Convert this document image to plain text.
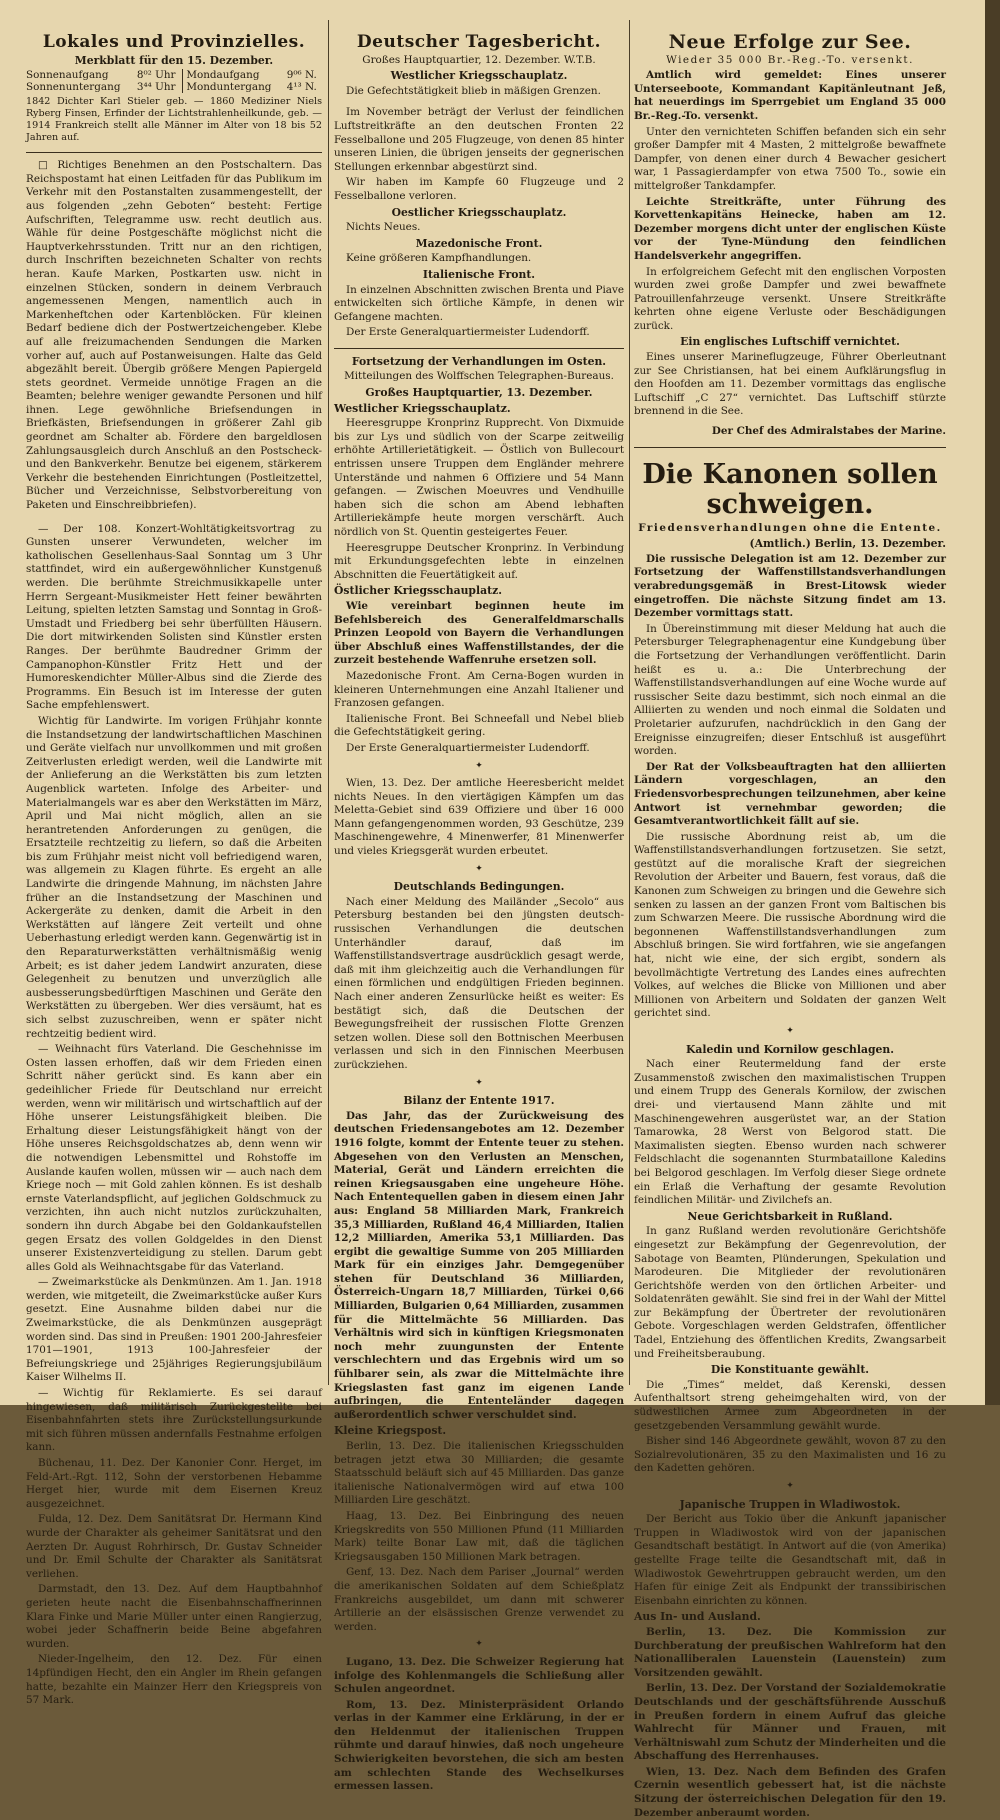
Lokales und Provinzielles.
Merkblatt für den 15. Dezember.
Sonnenaufgang	8⁰² Uhr	Mondaufgang	9⁰⁶ N.
Sonnenuntergang	3⁴⁴ Uhr	Monduntergang	4¹³ N.

1842 Dichter Karl Stieler geb. — 1860 Mediziner Niels Ryberg Finsen, Erfinder der Lichtstrahlenheilkunde, geb. — 1914 Frankreich stellt alle Männer im Alter von 18 bis 52 Jahren auf.

□ Richtiges Benehmen an den Postschaltern. Das Reichspostamt hat einen Leitfaden für das Publikum im Verkehr mit den Postanstalten zusammengestellt, der aus folgenden „zehn Geboten“ besteht: Fertige Aufschriften, Telegramme usw. recht deutlich aus. Wähle für deine Postgeschäfte möglichst nicht die Hauptverkehrsstunden. Tritt nur an den richtigen, durch Inschriften bezeichneten Schalter von rechts heran. Kaufe Marken, Postkarten usw. nicht in einzelnen Stücken, sondern in deinem Verbrauch angemessenen Mengen, namentlich auch in Markenheftchen oder Kartenblöcken. Für kleinen Bedarf bediene dich der Postwertzeichengeber. Klebe auf alle freizumachenden Sendungen die Marken vorher auf, auch auf Postanweisungen. Halte das Geld abgezählt bereit. Übergib größere Mengen Papiergeld stets geordnet. Vermeide unnötige Fragen an die Beamten; belehre weniger gewandte Personen und hilf ihnen. Lege gewöhnliche Briefsendungen in Briefkästen, Briefsendungen in größerer Zahl gib geordnet am Schalter ab. Fördere den bargeldlosen Zahlungsausgleich durch Anschluß an den Postscheck- und den Bankverkehr. Benutze bei eigenem, stärkerem Verkehr die bestehenden Einrichtungen (Postleitzettel, Bücher und Verzeichnisse, Selbstvorbereitung von Paketen und Einschreibbriefen).

— Der 108. Konzert-Wohltätigkeitsvortrag zu Gunsten unserer Verwundeten, welcher im katholischen Gesellenhaus-Saal Sonntag um 3 Uhr stattfindet, wird ein außergewöhnlicher Kunstgenuß werden. Die berühmte Streichmusikkapelle unter Herrn Sergeant-Musikmeister Hett feiner bewährten Leitung, spielten letzten Samstag und Sonntag in Groß-Umstadt und Friedberg bei sehr überfüllten Häusern. Die dort mitwirkenden Solisten sind Künstler ersten Ranges. Der berühmte Baudredner Grimm der Campanophon-Künstler Fritz Hett und der Humoreskendichter Müller-Albus sind die Zierde des Programms. Ein Besuch ist im Interesse der guten Sache empfehlenswert.

Wichtig für Landwirte. Im vorigen Frühjahr konnte die Instandsetzung der landwirtschaftlichen Maschinen und Geräte vielfach nur unvollkommen und mit großen Zeitverlusten erledigt werden, weil die Landwirte mit der Anlieferung an die Werkstätten bis zum letzten Augenblick warteten. Infolge des Arbeiter- und Materialmangels war es aber den Werkstätten im März, April und Mai nicht möglich, allen an sie herantretenden Anforderungen zu genügen, die Ersatzteile rechtzeitig zu liefern, so daß die Arbeiten bis zum Frühjahr meist nicht voll befriedigend waren, was allgemein zu Klagen führte. Es ergeht an alle Landwirte die dringende Mahnung, im nächsten Jahre früher an die Instandsetzung der Maschinen und Ackergeräte zu denken, damit die Arbeit in den Werkstätten auf längere Zeit verteilt und ohne Ueberhastung erledigt werden kann. Gegenwärtig ist in den Reparaturwerkstätten verhältnismäßig wenig Arbeit; es ist daher jedem Landwirt anzuraten, diese Gelegenheit zu benutzen und unverzüglich alle ausbesserungsbedürftigen Maschinen und Geräte den Werkstätten zu übergeben. Wer dies versäumt, hat es sich selbst zuzuschreiben, wenn er später nicht rechtzeitig bedient wird.

— Weihnacht fürs Vaterland. Die Geschehnisse im Osten lassen erhoffen, daß wir dem Frieden einen Schritt näher gerückt sind. Es kann aber ein gedeihlicher Friede für Deutschland nur erreicht werden, wenn wir militärisch und wirtschaftlich auf der Höhe unserer Leistungsfähigkeit bleiben. Die Erhaltung dieser Leistungsfähigkeit hängt von der Höhe unseres Reichsgoldschatzes ab, denn wenn wir die notwendigen Lebensmittel und Rohstoffe im Auslande kaufen wollen, müssen wir — auch nach dem Kriege noch — mit Gold zahlen können. Es ist deshalb ernste Vaterlandspflicht, auf jeglichen Goldschmuck zu verzichten, ihn auch nicht nutzlos zurückzuhalten, sondern ihn durch Abgabe bei den Goldankaufstellen gegen Ersatz des vollen Goldgeldes in den Dienst unserer Existenzverteidigung zu stellen. Darum gebt alles Gold als Weihnachtsgabe für das Vaterland.

— Zweimarkstücke als Denkmünzen. Am 1. Jan. 1918 werden, wie mitgeteilt, die Zweimarkstücke außer Kurs gesetzt. Eine Ausnahme bilden dabei nur die Zweimarkstücke, die als Denkmünzen ausgeprägt worden sind. Das sind in Preußen: 1901 200-Jahresfeier 1701—1901, 1913 100-Jahresfeier der Befreiungskriege und 25jähriges Regierungsjubiläum Kaiser Wilhelms II.

— Wichtig für Reklamierte. Es sei darauf hingewiesen, daß militärisch Zurückgestellte bei Eisenbahnfahrten stets ihre Zurückstellungsurkunde mit sich führen müssen andernfalls Festnahme erfolgen kann.

Büchenau, 11. Dez. Der Kanonier Conr. Herget, im Feld-Art.-Rgt. 112, Sohn der verstorbenen Hebamme Herget hier, wurde mit dem Eisernen Kreuz ausgezeichnet.

Fulda, 12. Dez. Dem Sanitätsrat Dr. Hermann Kind wurde der Charakter als geheimer Sanitätsrat und den Aerzten Dr. August Rohrhirsch, Dr. Gustav Schneider und Dr. Emil Schulte der Charakter als Sanitätsrat verliehen.

Darmstadt, den 13. Dez. Auf dem Hauptbahnhof gerieten heute nacht die Eisenbahnschaffnerinnen Klara Finke und Marie Müller unter einen Rangierzug, wobei jeder Schaffnerin beide Beine abgefahren wurden.

Nieder-Ingelheim, den 12. Dez. Für einen 14pfündigen Hecht, den ein Angler im Rhein gefangen hatte, bezahlte ein Mainzer Herr den Kriegspreis von 57 Mark.

Deutscher Tagesbericht.
Großes Hauptquartier, 12. Dezember. W.T.B.
Westlicher Kriegsschauplatz.

Die Gefechtstätigkeit blieb in mäßigen Grenzen.

Im November beträgt der Verlust der feindlichen Luftstreitkräfte an den deutschen Fronten 22 Fesselballone und 205 Flugzeuge, von denen 85 hinter unseren Linien, die übrigen jenseits der gegnerischen Stellungen erkennbar abgestürzt sind.

Wir haben im Kampfe 60 Flugzeuge und 2 Fesselballone verloren.

Oestlicher Kriegsschauplatz.

Nichts Neues.

Mazedonische Front.

Keine größeren Kampfhandlungen.

Italienische Front.

In einzelnen Abschnitten zwischen Brenta und Piave entwickelten sich örtliche Kämpfe, in denen wir Gefangene machten.

Der Erste Generalquartiermeister Ludendorff.

Fortsetzung der Verhandlungen im Osten.
Mitteilungen des Wolffschen Telegraphen-Bureaus.
Großes Hauptquartier, 13. Dezember.
Westlicher Kriegsschauplatz.

Heeresgruppe Kronprinz Rupprecht. Von Dixmuide bis zur Lys und südlich von der Scarpe zeitweilig erhöhte Artillerietätigkeit. — Östlich von Bullecourt entrissen unsere Truppen dem Engländer mehrere Unterstände und nahmen 6 Offiziere und 54 Mann gefangen. — Zwischen Moeuvres und Vendhuille haben sich die schon am Abend lebhaften Artilleriekämpfe heute morgen verschärft. Auch nördlich von St. Quentin gesteigertes Feuer.

Heeresgruppe Deutscher Kronprinz. In Verbindung mit Erkundungsgefechten lebte in einzelnen Abschnitten die Feuertätigkeit auf.

Östlicher Kriegsschauplatz.

Wie vereinbart beginnen heute im Befehlsbereich des Generalfeldmarschalls Prinzen Leopold von Bayern die Verhandlungen über Abschluß eines Waffenstillstandes, der die zurzeit bestehende Waffenruhe ersetzen soll.

Mazedonische Front. Am Cerna-Bogen wurden in kleineren Unternehmungen eine Anzahl Italiener und Franzosen gefangen.

Italienische Front. Bei Schneefall und Nebel blieb die Gefechtstätigkeit gering.

Der Erste Generalquartiermeister Ludendorff.

✦

Wien, 13. Dez. Der amtliche Heeresbericht meldet nichts Neues. In den viertägigen Kämpfen um das Meletta-Gebiet sind 639 Offiziere und über 16 000 Mann gefangengenommen worden, 93 Geschütze, 239 Maschinengewehre, 4 Minenwerfer, 81 Minenwerfer und vieles Kriegsgerät wurden erbeutet.

✦
Deutschlands Bedingungen.

Nach einer Meldung des Mailänder „Secolo“ aus Petersburg bestanden bei den jüngsten deutsch-russischen Verhandlungen die deutschen Unterhändler darauf, daß im Waffenstillstandsvertrage ausdrücklich gesagt werde, daß mit ihm gleichzeitig auch die Verhandlungen für einen förmlichen und endgültigen Frieden beginnen. Nach einer anderen Zensurlücke heißt es weiter: Es bestätigt sich, daß die Deutschen der Bewegungsfreiheit der russischen Flotte Grenzen setzen wollen. Diese soll den Bottnischen Meerbusen verlassen und sich in den Finnischen Meerbusen zurückziehen.

✦
Bilanz der Entente 1917.

Das Jahr, das der Zurückweisung des deutschen Friedensangebotes am 12. Dezember 1916 folgte, kommt der Entente teuer zu stehen. Abgesehen von den Verlusten an Menschen, Material, Gerät und Ländern erreichten die reinen Kriegsausgaben eine ungeheure Höhe. Nach Ententequellen gaben in diesem einen Jahr aus: England 58 Milliarden Mark, Frankreich 35,3 Milliarden, Rußland 46,4 Milliarden, Italien 12,2 Milliarden, Amerika 53,1 Milliarden. Das ergibt die gewaltige Summe von 205 Milliarden Mark für ein einziges Jahr. Demgegenüber stehen für Deutschland 36 Milliarden, Österreich-Ungarn 18,7 Milliarden, Türkei 0,66 Milliarden, Bulgarien 0,64 Milliarden, zusammen für die Mittelmächte 56 Milliarden. Das Verhältnis wird sich in künftigen Kriegsmonaten noch mehr zuungunsten der Entente verschlechtern und das Ergebnis wird um so fühlbarer sein, als zwar die Mittelmächte ihre Kriegslasten fast ganz im eigenen Lande aufbringen, die Ententeländer dagegen außerordentlich schwer verschuldet sind.

Kleine Kriegspost.

Berlin, 13. Dez. Die italienischen Kriegsschulden betragen jetzt etwa 30 Milliarden; die gesamte Staatsschuld beläuft sich auf 45 Milliarden. Das ganze italienische Nationalvermögen wird auf etwa 100 Milliarden Lire geschätzt.

Haag, 13. Dez. Bei Einbringung des neuen Kriegskredits von 550 Millionen Pfund (11 Milliarden Mark) teilte Bonar Law mit, daß die täglichen Kriegsausgaben 150 Millionen Mark betragen.

Genf, 13. Dez. Nach dem Pariser „Journal“ werden die amerikanischen Soldaten auf dem Schießplatz Frankreichs ausgebildet, um dann mit schwerer Artillerie an der elsässischen Grenze verwendet zu werden.

✦

Lugano, 13. Dez. Die Schweizer Regierung hat infolge des Kohlenmangels die Schließung aller Schulen angeordnet.

Rom, 13. Dez. Ministerpräsident Orlando verlas in der Kammer eine Erklärung, in der er den Heldenmut der italienischen Truppen rühmte und darauf hinwies, daß noch ungeheure Schwierigkeiten bevorstehen, die sich am besten am schlechten Stande des Wechselkurses ermessen lassen.

Neue Erfolge zur See.
Wieder 35 000 Br.-Reg.-To. versenkt.

Amtlich wird gemeldet: Eines unserer Unterseeboote, Kommandant Kapitänleutnant Jeß, hat neuerdings im Sperrgebiet um England 35 000 Br.-Reg.-To. versenkt.

Unter den vernichteten Schiffen befanden sich ein sehr großer Dampfer mit 4 Masten, 2 mittelgroße bewaffnete Dampfer, von denen einer durch 4 Bewacher gesichert war, 1 Passagierdampfer von etwa 7500 To., sowie ein mittelgroßer Tankdampfer.

Leichte Streitkräfte, unter Führung des Korvettenkapitäns Heinecke, haben am 12. Dezember morgens dicht unter der englischen Küste vor der Tyne-Mündung den feindlichen Handelsverkehr angegriffen.

In erfolgreichem Gefecht mit den englischen Vorposten wurden zwei große Dampfer und zwei bewaffnete Patrouillenfahrzeuge versenkt. Unsere Streitkräfte kehrten ohne eigene Verluste oder Beschädigungen zurück.

Ein englisches Luftschiff vernichtet.

Eines unserer Marineflugzeuge, Führer Oberleutnant zur See Christiansen, hat bei einem Aufklärungsflug in den Hoofden am 11. Dezember vormittags das englische Luftschiff „C 27“ vernichtet. Das Luftschiff stürzte brennend in die See.

Der Chef des Admiralstabes der Marine.
Die Kanonen sollen schweigen.
Friedensverhandlungen ohne die Entente.
(Amtlich.) Berlin, 13. Dezember.

Die russische Delegation ist am 12. Dezember zur Fortsetzung der Waffenstillstandsverhandlungen verabredungsgemäß in Brest-Litowsk wieder eingetroffen. Die nächste Sitzung findet am 13. Dezember vormittags statt.

In Übereinstimmung mit dieser Meldung hat auch die Petersburger Telegraphenagentur eine Kundgebung über die Fortsetzung der Verhandlungen veröffentlicht. Darin heißt es u. a.: Die Unterbrechung der Waffenstillstandsverhandlungen auf eine Woche wurde auf russischer Seite dazu bestimmt, sich noch einmal an die Alliierten zu wenden und noch einmal die Soldaten und Proletarier aufzurufen, nachdrücklich in den Gang der Ereignisse einzugreifen; dieser Entschluß ist ausgeführt worden.

Der Rat der Volksbeauftragten hat den alliierten Ländern vorgeschlagen, an den Friedensvorbesprechungen teilzunehmen, aber keine Antwort ist vernehmbar geworden; die Gesamtverantwortlichkeit fällt auf sie.

Die russische Abordnung reist ab, um die Waffenstillstandsverhandlungen fortzusetzen. Sie setzt, gestützt auf die moralische Kraft der siegreichen Revolution der Arbeiter und Bauern, fest voraus, daß die Kanonen zum Schweigen zu bringen und die Gewehre sich senken zu lassen an der ganzen Front vom Baltischen bis zum Schwarzen Meere. Die russische Abordnung wird die begonnenen Waffenstillstandsverhandlungen zum Abschluß bringen. Sie wird fortfahren, wie sie angefangen hat, nicht wie eine, der sich ergibt, sondern als bevollmächtigte Vertretung des Landes eines aufrechten Volkes, auf welches die Blicke von Millionen und aber Millionen von Arbeitern und Soldaten der ganzen Welt gerichtet sind.

✦
Kaledin und Kornilow geschlagen.

Nach einer Reutermeldung fand der erste Zusammenstoß zwischen den maximalistischen Truppen und einem Trupp des Generals Kornilow, der zwischen drei- und viertausend Mann zählte und mit Maschinengewehren ausgerüstet war, an der Station Tamarowka, 28 Werst von Belgorod statt. Die Maximalisten siegten. Ebenso wurden nach schwerer Feldschlacht die sogenannten Sturmbataillone Kaledins bei Belgorod geschlagen. Im Verfolg dieser Siege ordnete ein Erlaß die Verhaftung der gesamte Revolution feindlichen Militär- und Zivilchefs an.

Neue Gerichtsbarkeit in Rußland.

In ganz Rußland werden revolutionäre Gerichtshöfe eingesetzt zur Bekämpfung der Gegenrevolution, der Sabotage von Beamten, Plünderungen, Spekulation und Marodeuren. Die Mitglieder der revolutionären Gerichtshöfe werden von den örtlichen Arbeiter- und Soldatenräten gewählt. Sie sind frei in der Wahl der Mittel zur Bekämpfung der Übertreter der revolutionären Gebote. Vorgeschlagen werden Geldstrafen, öffentlicher Tadel, Entziehung des öffentlichen Kredits, Zwangsarbeit und Freiheitsberaubung.

Die Konstituante gewählt.

Die „Times“ meldet, daß Kerenski, dessen Aufenthaltsort streng geheimgehalten wird, von der südwestlichen Armee zum Abgeordneten in der gesetzgebenden Versammlung gewählt wurde.

Bisher sind 146 Abgeordnete gewählt, wovon 87 zu den Sozialrevolutionären, 35 zu den Maximalisten und 16 zu den Kadetten gehören.

✦
Japanische Truppen in Wladiwostok.

Der Bericht aus Tokio über die Ankunft japanischer Truppen in Wladiwostok wird von der japanischen Gesandtschaft bestätigt. In Antwort auf die (von Amerika) gestellte Frage teilte die Gesandtschaft mit, daß in Wladiwostok Gewehrtruppen gebraucht werden, um den Hafen für einige Zeit als Endpunkt der transsibirischen Eisenbahn einrichten zu können.

Aus In- und Ausland.

Berlin, 13. Dez. Die Kommission zur Durchberatung der preußischen Wahlreform hat den Nationalliberalen Lauenstein (Lauenstein) zum Vorsitzenden gewählt.

Berlin, 13. Dez. Der Vorstand der Sozialdemokratie Deutschlands und der geschäftsführende Ausschuß in Preußen fordern in einem Aufruf das gleiche Wahlrecht für Männer und Frauen, mit Verhältniswahl zum Schutz der Minderheiten und die Abschaffung des Herrenhauses.

Wien, 13. Dez. Nach dem Befinden des Grafen Czernin wesentlich gebessert hat, ist die nächste Sitzung der österreichischen Delegation für den 19. Dezember anberaumt worden.
